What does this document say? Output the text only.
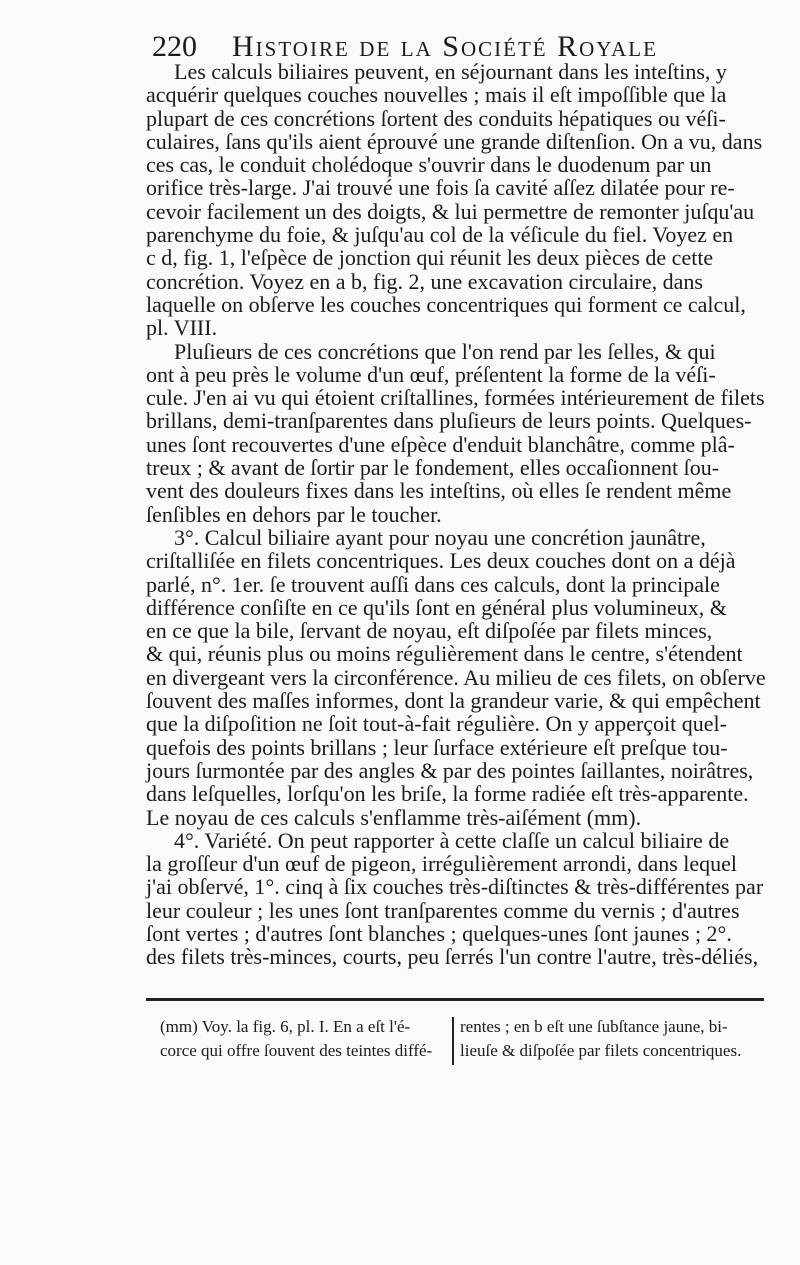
220 Histoire de la Société Royale
Les calculs biliaires peuvent, en séjournant dans les inteſtins, y
acquérir quelques couches nouvelles ; mais il eſt impoſſible que la
plupart de ces concrétions ſortent des conduits hépatiques ou véſi-
culaires, ſans qu'ils aient éprouvé une grande diſtenſion. On a vu, dans
ces cas, le conduit cholédoque s'ouvrir dans le duodenum par un
orifice très-large. J'ai trouvé une fois ſa cavité aſſez dilatée pour re-
cevoir facilement un des doigts, & lui permettre de remonter juſqu'au
parenchyme du foie, & juſqu'au col de la véſicule du fiel. Voyez en
c d, fig. 1, l'eſpèce de jonction qui réunit les deux pièces de cette
concrétion. Voyez en a b, fig. 2, une excavation circulaire, dans
laquelle on obſerve les couches concentriques qui forment ce calcul,
pl. VIII.
Pluſieurs de ces concrétions que l'on rend par les ſelles, & qui
ont à peu près le volume d'un œuf, préſentent la forme de la véſi-
cule. J'en ai vu qui étoient criſtallines, formées intérieurement de filets
brillans, demi-tranſparentes dans pluſieurs de leurs points. Quelques-
unes ſont recouvertes d'une eſpèce d'enduit blanchâtre, comme plâ-
treux ; & avant de ſortir par le fondement, elles occaſionnent ſou-
vent des douleurs fixes dans les inteſtins, où elles ſe rendent même
ſenſibles en dehors par le toucher.
3°. Calcul biliaire ayant pour noyau une concrétion jaunâtre,
criſtalliſée en filets concentriques. Les deux couches dont on a déjà
parlé, n°. 1er. ſe trouvent auſſi dans ces calculs, dont la principale
différence conſiſte en ce qu'ils ſont en général plus volumineux, &
en ce que la bile, ſervant de noyau, eſt diſpoſée par filets minces,
& qui, réunis plus ou moins régulièrement dans le centre, s'étendent
en divergeant vers la circonférence. Au milieu de ces filets, on obſerve
ſouvent des maſſes informes, dont la grandeur varie, & qui empêchent
que la diſpoſition ne ſoit tout-à-fait régulière. On y apperçoit quel-
quefois des points brillans ; leur ſurface extérieure eſt preſque tou-
jours ſurmontée par des angles & par des pointes ſaillantes, noirâtres,
dans leſquelles, lorſqu'on les briſe, la forme radiée eſt très-apparente.
Le noyau de ces calculs s'enflamme très-aiſément (mm).
4°. Variété. On peut rapporter à cette claſſe un calcul biliaire de
la groſſeur d'un œuf de pigeon, irrégulièrement arrondi, dans lequel
j'ai obſervé, 1°. cinq à ſix couches très-diſtinctes & très-différentes par
leur couleur ; les unes ſont tranſparentes comme du vernis ; d'autres
ſont vertes ; d'autres ſont blanches ; quelques-unes ſont jaunes ; 2°.
des filets très-minces, courts, peu ſerrés l'un contre l'autre, très-déliés,
(mm) Voy. la fig. 6, pl. I. En a eſt l'é-
corce qui offre ſouvent des teintes diffé-
rentes ; en b eſt une ſubſtance jaune, bi-
lieuſe & diſpoſée par filets concentriques.
